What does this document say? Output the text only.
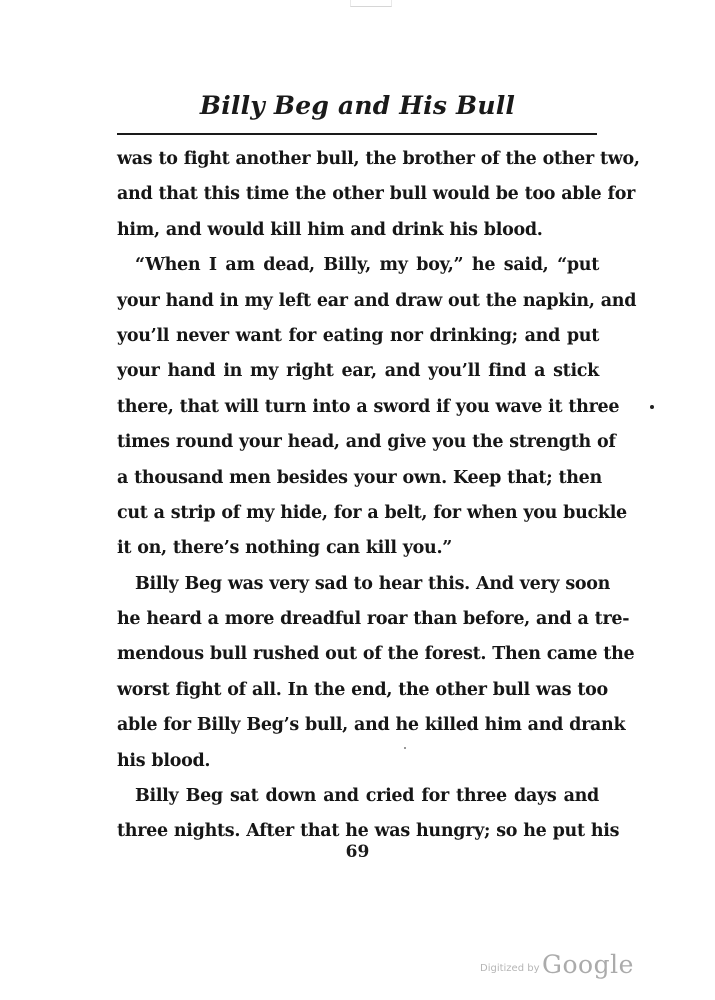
Billy Beg and His Bull
was to fight another bull, the brother of the other two,
and that this time the other bull would be too able for
him, and would kill him and drink his blood.
“When I am dead, Billy, my boy,” he said, “put
your hand in my left ear and draw out the napkin, and
you’ll never want for eating nor drinking; and put
your hand in my right ear, and you’ll find a stick
there, that will turn into a sword if you wave it three
times round your head, and give you the strength of
a thousand men besides your own. Keep that; then
cut a strip of my hide, for a belt, for when you buckle
it on, there’s nothing can kill you.”
Billy Beg was very sad to hear this. And very soon
he heard a more dreadful roar than before, and a tre-
mendous bull rushed out of the forest. Then came the
worst fight of all. In the end, the other bull was too
able for Billy Beg’s bull, and he killed him and drank
his blood.
Billy Beg sat down and cried for three days and
three nights. After that he was hungry; so he put his
69
Digitized by Google
